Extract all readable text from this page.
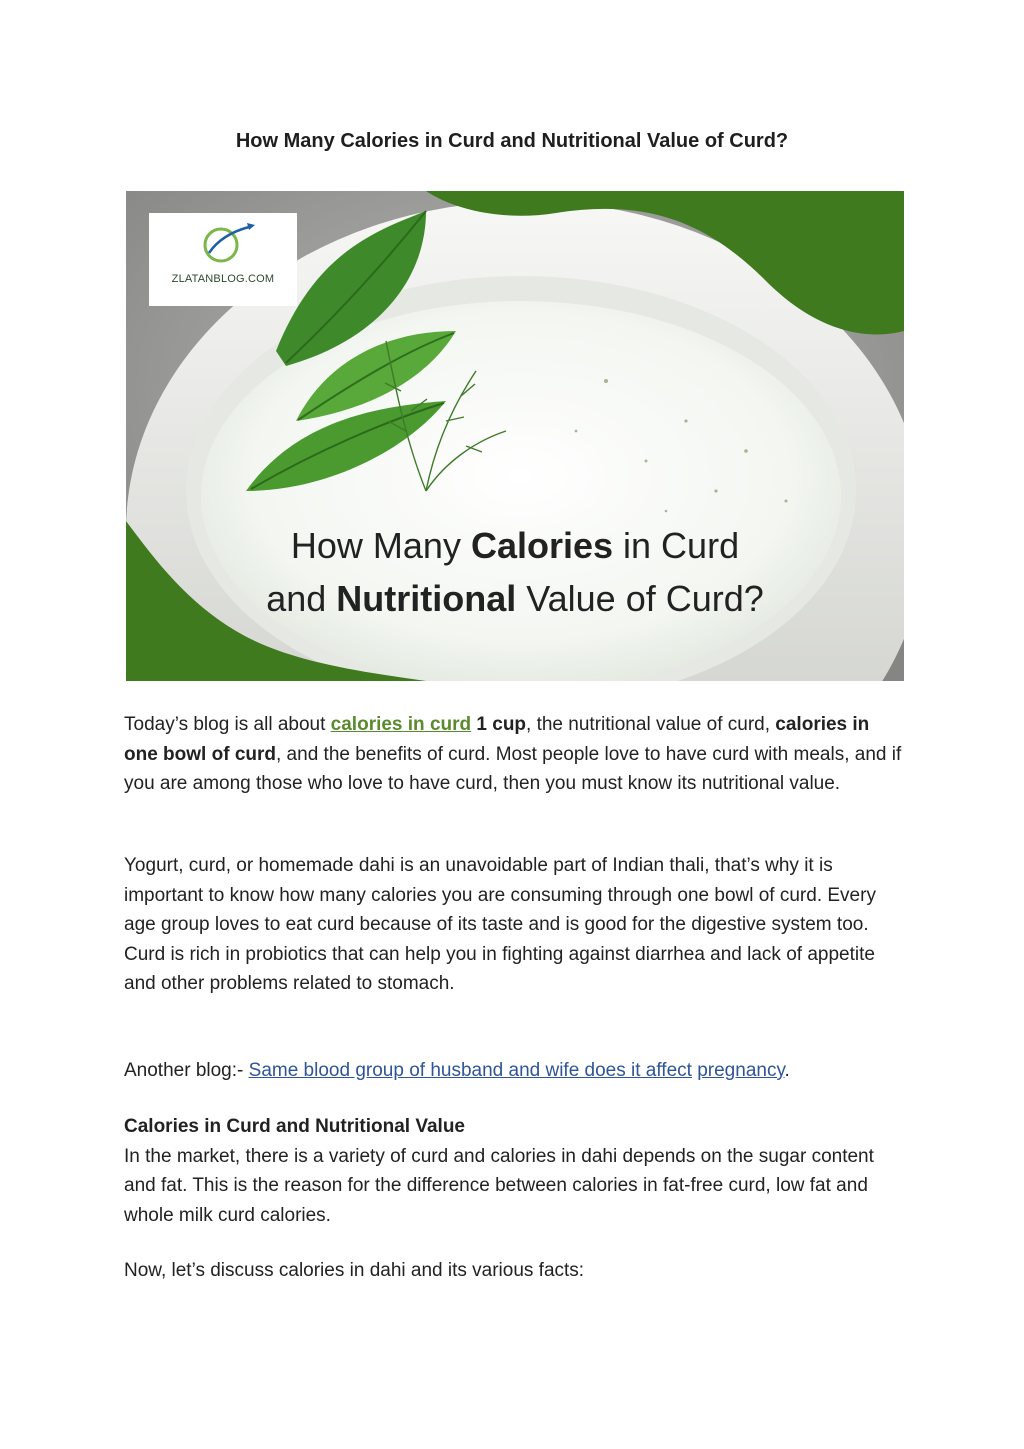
How Many Calories in Curd and Nutritional Value of Curd?
ZLATANBLOG.COM
How Many Calories in Curd
and Nutritional Value of Curd?

Today’s blog is all about calories in curd 1 cup, the nutritional value of curd, calories in one bowl of curd, and the benefits of curd. Most people love to have curd with meals, and if you are among those who love to have curd, then you must know its nutritional value.

Yogurt, curd, or homemade dahi is an unavoidable part of Indian thali, that’s why it is important to know how many calories you are consuming through one bowl of curd. Every age group loves to eat curd because of its taste and is good for the digestive system too. Curd is rich in probiotics that can help you in fighting against diarrhea and lack of appetite and other problems related to stomach.

Another blog:- Same blood group of husband and wife does it affect pregnancy.

Calories in Curd and Nutritional Value

In the market, there is a variety of curd and calories in dahi depends on the sugar content and fat. This is the reason for the difference between calories in fat-free curd, low fat and whole milk curd calories.

Now, let’s discuss calories in dahi and its various facts:
